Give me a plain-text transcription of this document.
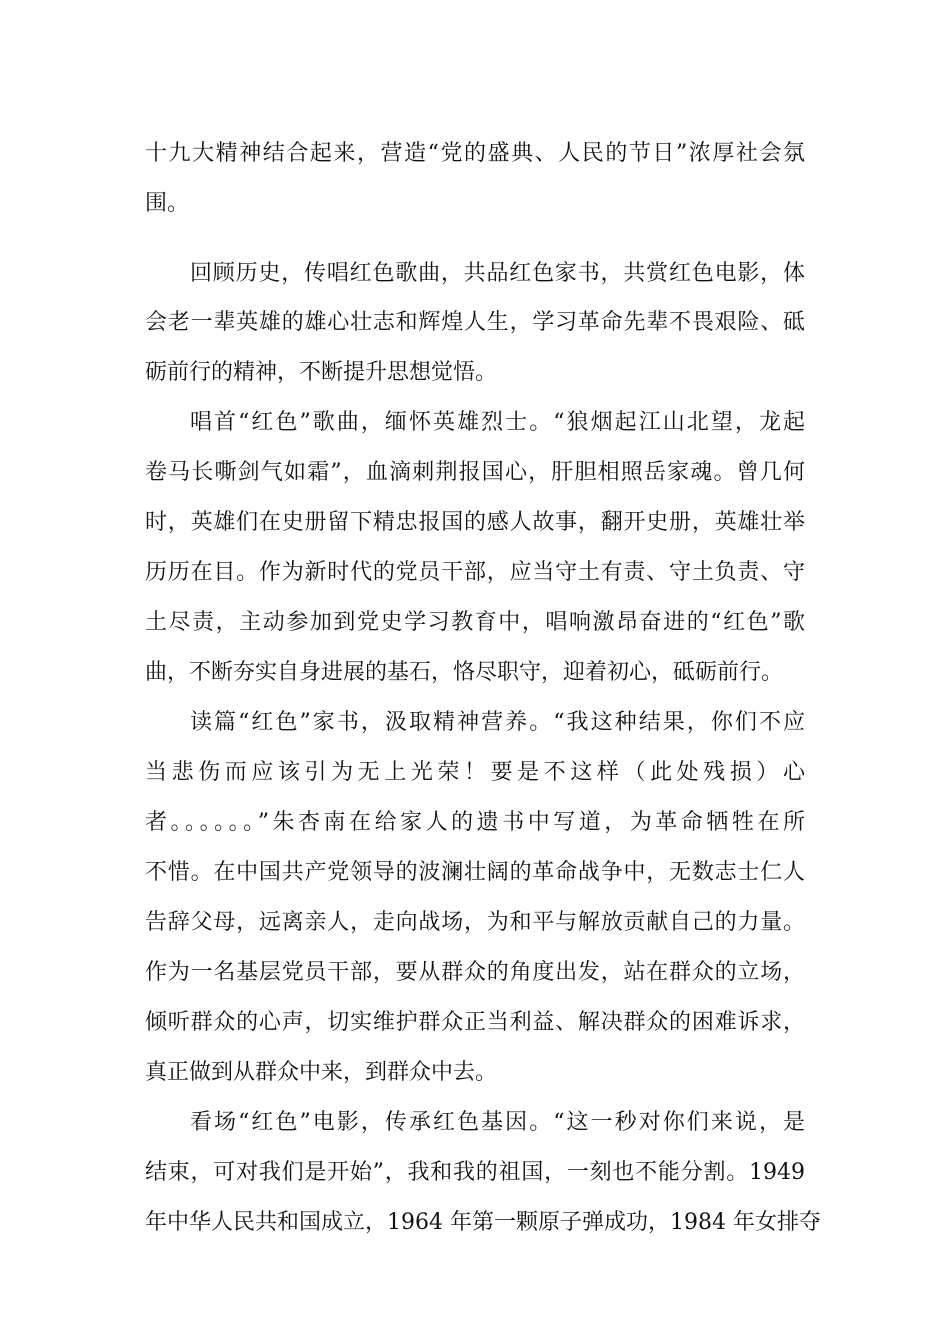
十九大精神结合起来，营造“党的盛典、人民的节日”浓厚社会氛
围。
回顾历史，传唱红色歌曲，共品红色家书，共赏红色电影，体
会老一辈英雄的雄心壮志和辉煌人生，学习革命先辈不畏艰险、砥
砺前行的精神，不断提升思想觉悟。
唱首“红色”歌曲，缅怀英雄烈士。“狼烟起江山北望，龙起
卷马长嘶剑气如霜”，血滴刺荆报国心，肝胆相照岳家魂。曾几何
时，英雄们在史册留下精忠报国的感人故事，翻开史册，英雄壮举
历历在目。作为新时代的党员干部，应当守土有责、守土负责、守
土尽责，主动参加到党史学习教育中，唱响激昂奋进的“红色”歌
曲，不断夯实自身进展的基石，恪尽职守，迎着初心，砥砺前行。
读篇“红色”家书，汲取精神营养。“我这种结果，你们不应
当悲伤而应该引为无上光荣！要是不这样（此处残损）心
者。。。。。。”朱杏南在给家人的遗书中写道，为革命牺牲在所
不惜。在中国共产党领导的波澜壮阔的革命战争中，无数志士仁人
告辞父母，远离亲人，走向战场，为和平与解放贡献自己的力量。
作为一名基层党员干部，要从群众的角度出发，站在群众的立场，
倾听群众的心声，切实维护群众正当利益、解决群众的困难诉求，
真正做到从群众中来，到群众中去。
看场“红色”电影，传承红色基因。“这一秒对你们来说，是
结束，可对我们是开始”，我和我的祖国，一刻也不能分割。1949
年中华人民共和国成立，1964 年第一颗原子弹成功，1984 年女排夺
